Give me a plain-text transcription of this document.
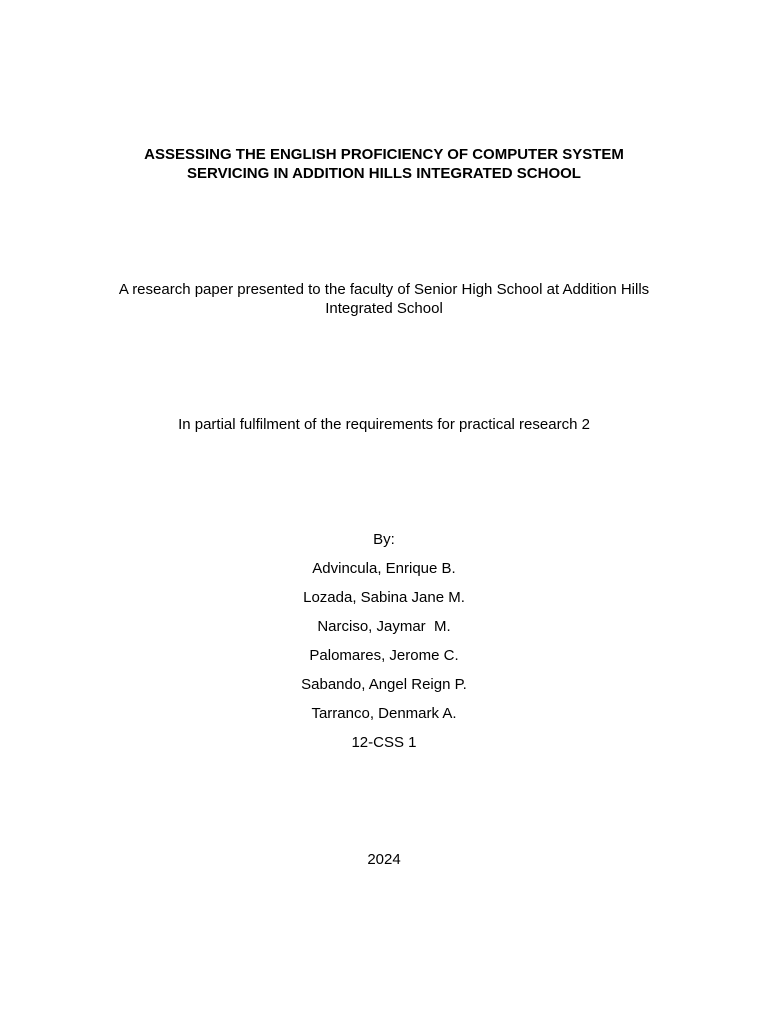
ASSESSING THE ENGLISH PROFICIENCY OF COMPUTER SYSTEM
SERVICING IN ADDITION HILLS INTEGRATED SCHOOL
A research paper presented to the faculty of Senior High School at Addition Hills
Integrated School
In partial fulfilment of the requirements for practical research 2
By:
Advincula, Enrique B.
Lozada, Sabina Jane M.
Narciso, Jaymar  M.
Palomares, Jerome C.
Sabando, Angel Reign P.
Tarranco, Denmark A.
12-CSS 1
2024
